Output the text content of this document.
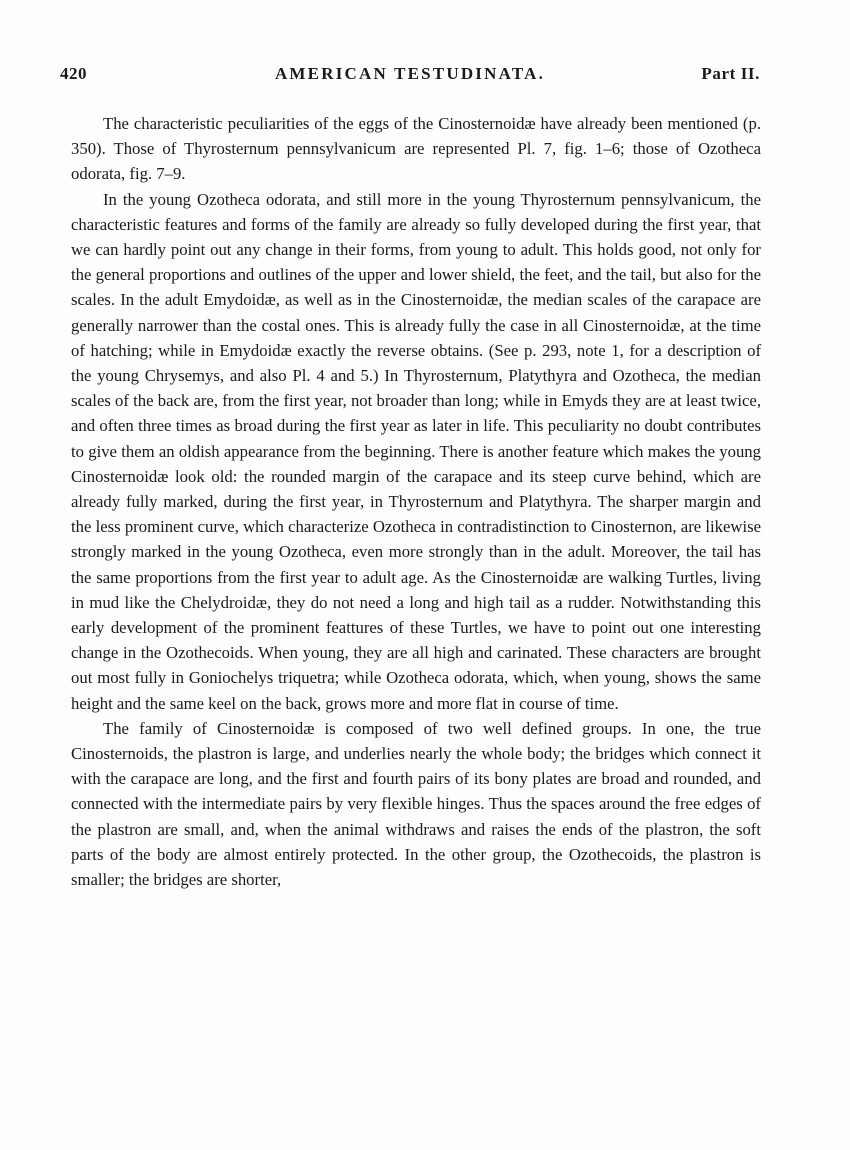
420	AMERICAN TESTUDINATA.	Part II.

The characteristic peculiarities of the eggs of the Cinosternoidæ have already been mentioned (p. 350). Those of Thyrosternum pennsylvanicum are represented Pl. 7, fig. 1–6; those of Ozotheca odorata, fig. 7–9.

In the young Ozotheca odorata, and still more in the young Thyrosternum pennsylvanicum, the characteristic features and forms of the family are already so fully developed during the first year, that we can hardly point out any change in their forms, from young to adult. This holds good, not only for the general proportions and outlines of the upper and lower shield, the feet, and the tail, but also for the scales. In the adult Emydoidæ, as well as in the Cinosternoidæ, the median scales of the carapace are generally narrower than the costal ones. This is already fully the case in all Cinosternoidæ, at the time of hatching; while in Emydoidæ exactly the reverse obtains. (See p. 293, note 1, for a description of the young Chrysemys, and also Pl. 4 and 5.) In Thyrosternum, Platythyra and Ozotheca, the median scales of the back are, from the first year, not broader than long; while in Emyds they are at least twice, and often three times as broad during the first year as later in life. This peculiarity no doubt contributes to give them an oldish appearance from the beginning. There is another feature which makes the young Cinosternoidæ look old: the rounded margin of the carapace and its steep curve behind, which are already fully marked, during the first year, in Thyrosternum and Platythyra. The sharper margin and the less prominent curve, which characterize Ozotheca in contradistinction to Cinosternon, are likewise strongly marked in the young Ozotheca, even more strongly than in the adult. Moreover, the tail has the same proportions from the first year to adult age. As the Cinosternoidæ are walking Turtles, living in mud like the Chelydroidæ, they do not need a long and high tail as a rudder. Notwithstanding this early development of the prominent feattures of these Turtles, we have to point out one interesting change in the Ozothecoids. When young, they are all high and carinated. These characters are brought out most fully in Goniochelys triquetra; while Ozotheca odorata, which, when young, shows the same height and the same keel on the back, grows more and more flat in course of time.

The family of Cinosternoidæ is composed of two well defined groups. In one, the true Cinosternoids, the plastron is large, and underlies nearly the whole body; the bridges which connect it with the carapace are long, and the first and fourth pairs of its bony plates are broad and rounded, and connected with the intermediate pairs by very flexible hinges. Thus the spaces around the free edges of the plastron are small, and, when the animal withdraws and raises the ends of the plastron, the soft parts of the body are almost entirely protected. In the other group, the Ozothecoids, the plastron is smaller; the bridges are shorter,
